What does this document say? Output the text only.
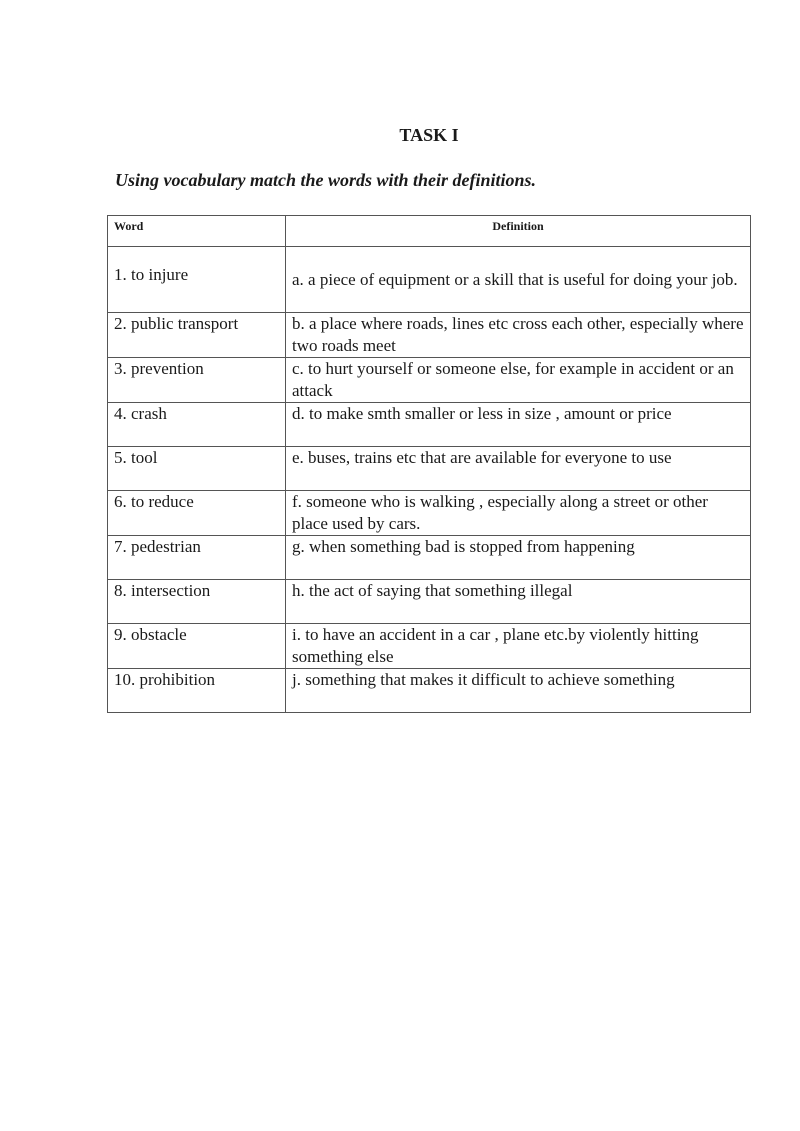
TASK I

Using vocabulary match the words with their definitions.

Word	Definition
1. to injure	a. a piece of equipment or a skill that is useful for doing your job.
2. public transport	b. a place where roads, lines etc cross each other, especially where two roads meet
3. prevention	c. to hurt yourself or someone else, for example in accident or an attack
4. crash	d. to make smth smaller or less in size , amount or price
5. tool	e. buses, trains etc that are available for everyone to use
6. to reduce	f. someone who is walking , especially along a street or other place used by cars.
7. pedestrian	g. when something bad is stopped from happening
8. intersection	h. the act of saying that something illegal
9. obstacle	i. to have an accident in a car , plane etc.by violently hitting something else
10. prohibition	j. something that makes it difficult to achieve something
